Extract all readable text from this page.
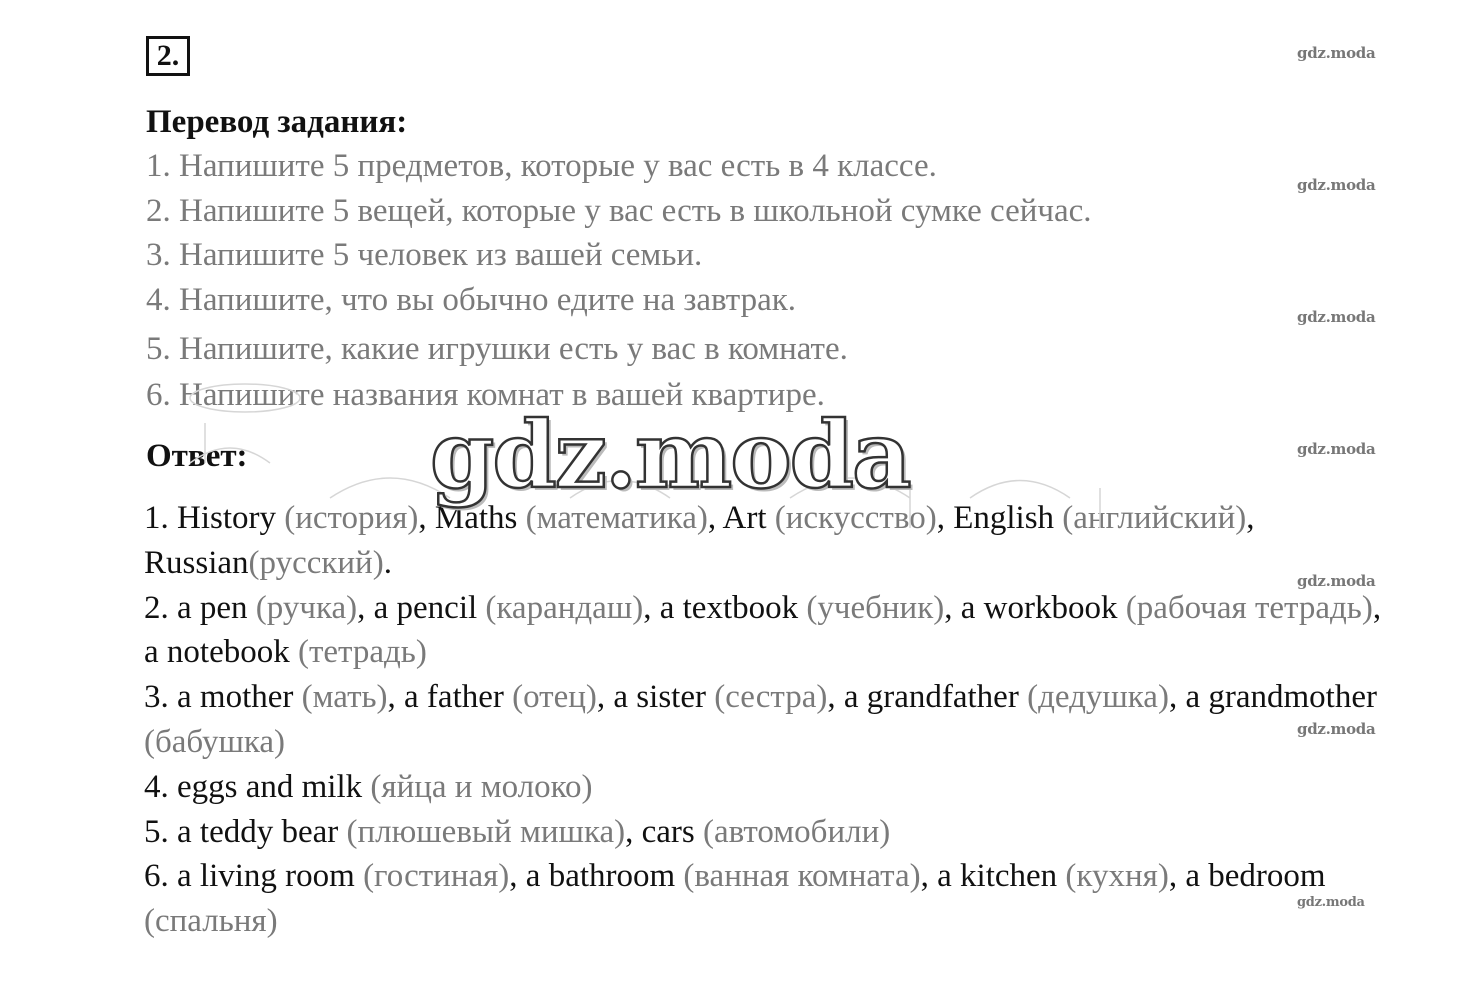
2.
Перевод задания:
1. Напишите 5 предметов, которые у вас есть в 4 классе.
2. Напишите 5 вещей, которые у вас есть в школьной сумке сейчас.
3. Напишите 5 человек из вашей семьи.
4. Напишите, что вы обычно едите на завтрак.
5. Напишите, какие игрушки есть у вас в комнате.
6. Напишите названия комнат в вашей квартире.
Ответ:

1. History (история), Maths (математика), Art (искусство), English (английский), Russian(русский).

2. a pen (ручка), a pencil (карандаш), a textbook (учебник), a workbook (рабочая тетрадь), a notebook (тетрадь)

3. a mother (мать), a father (отец), a sister (сестра), a grandfather (дедушка), a grandmother (бабушка)

4. eggs and milk (яйца и молоко)

5. a teddy bear (плюшевый мишка), cars (автомобили)

6. a living room (гостиная), a bathroom (ванная комната), a kitchen (кухня), a bedroom (спальня)

gdz.moda
gdz.moda
gdz.moda
gdz.moda
gdz.moda
gdz.moda
gdz.moda
gdz.moda
